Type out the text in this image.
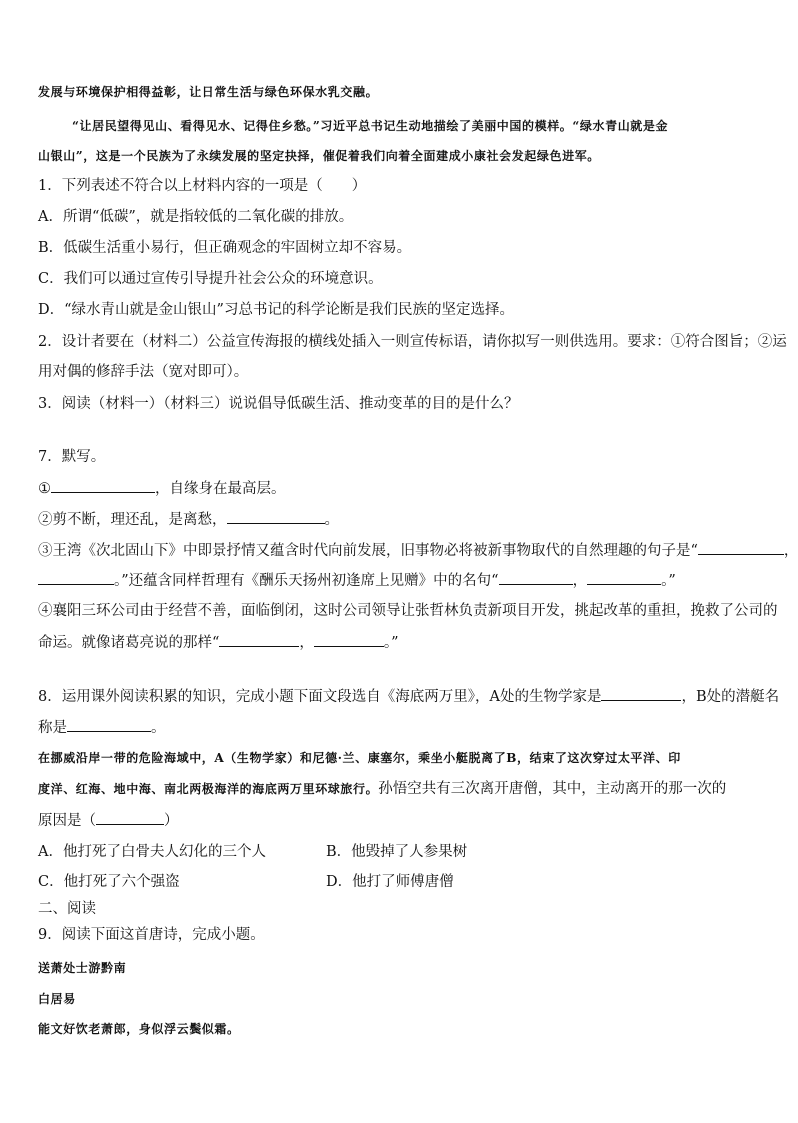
发展与环境保护相得益彰，让日常生活与绿色环保水乳交融。
“让居民望得见山、看得见水、记得住乡愁。”习近平总书记生动地描绘了美丽中国的模样。“绿水青山就是金
山银山”，这是一个民族为了永续发展的坚定抉择，催促着我们向着全面建成小康社会发起绿色进军。
1．下列表述不符合以上材料内容的一项是（　　）
A．所谓“低碳”，就是指较低的二氧化碳的排放。
B．低碳生活重小易行，但正确观念的牢固树立却不容易。
C．我们可以通过宣传引导提升社会公众的环境意识。
D．“绿水青山就是金山银山”习总书记的科学论断是我们民族的坚定选择。
2．设计者要在（材料二）公益宣传海报的横线处插入一则宣传标语，请你拟写一则供选用。要求：①符合图旨；②运
用对偶的修辞手法（宽对即可）。
3．阅读（材料一）（材料三）说说倡导低碳生活、推动变革的目的是什么？
7．默写。
①	，自缘身在最高层。
②剪不断，理还乱，是离愁，	。
③王湾《次北固山下》中即景抒情又蕴含时代向前发展，旧事物必将被新事物取代的自然理趣的句子是“	，
。”还蕴含同样哲理有《酬乐天扬州初逢席上见赠》中的名句“	，	。”
④襄阳三环公司由于经营不善，面临倒闭，这时公司领导让张哲林负责新项目开发，挑起改革的重担，挽救了公司的
命运。就像诸葛亮说的那样“	，	。”
8．运用课外阅读积累的知识，完成小题下面文段选自《海底两万里》，A处的生物学家是	，B处的潜艇名
称是	。
在挪威沿岸一带的危险海域中，A（生物学家）和尼德·兰、康塞尔，乘坐小艇脱离了B，结束了这次穿过太平洋、印
度洋、红海、地中海、南北两极海洋的海底两万里环球旅行。孙悟空共有三次离开唐僧，其中，主动离开的那一次的
原因是（	）
A．他打死了白骨夫人幻化的三个人	B．他毁掉了人参果树
C．他打死了六个强盗	D．他打了师傅唐僧
二、阅读
9．阅读下面这首唐诗，完成小题。
送萧处士游黔南
白居易
能文好饮老萧郎，身似浮云鬓似霜。
